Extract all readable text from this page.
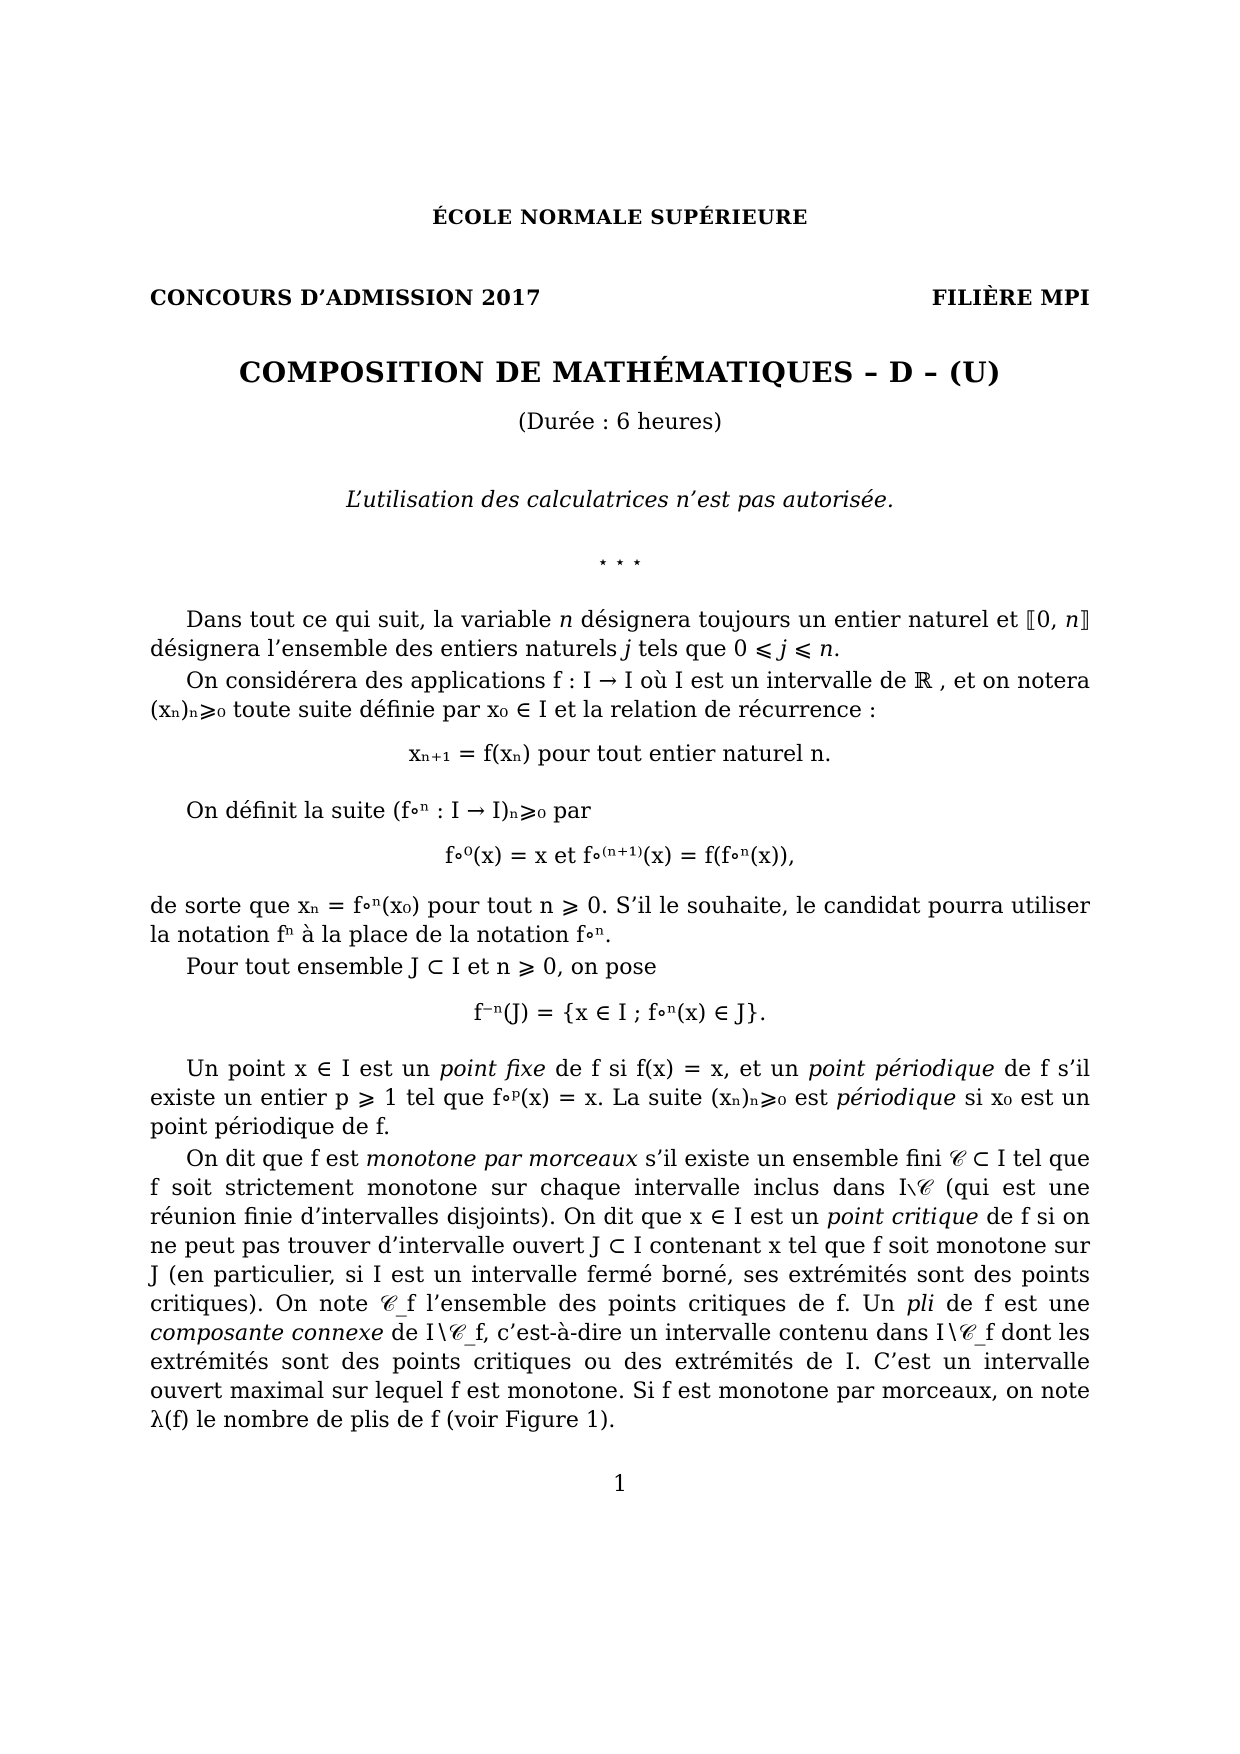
ÉCOLE NORMALE SUPÉRIEURE
CONCOURS D’ADMISSION 2017	FILIÈRE MPI
COMPOSITION DE MATHÉMATIQUES – D – (U)
(Durée : 6 heures)
L’utilisation des calculatrices n’est pas autorisée.
⋆ ⋆ ⋆
Dans tout ce qui suit, la variable n désignera toujours un entier naturel et ⟦0, n⟧ désignera l’ensemble des entiers naturels j tels que 0 ⩽ j ⩽ n.
On considérera des applications f : I → I où I est un intervalle de ℝ , et on notera (xₙ)ₙ⩾₀ toute suite définie par x₀ ∈ I et la relation de récurrence :
xₙ₊₁ = f(xₙ) pour tout entier naturel n.
On définit la suite (f∘ⁿ : I → I)ₙ⩾₀ par
f∘⁰(x) = x et f∘⁽ⁿ⁺¹⁾(x) = f(f∘ⁿ(x)),
de sorte que xₙ = f∘ⁿ(x₀) pour tout n ⩾ 0. S’il le souhaite, le candidat pourra utiliser la notation fⁿ à la place de la notation f∘ⁿ.
Pour tout ensemble J ⊂ I et n ⩾ 0, on pose
f⁻ⁿ(J) = {x ∈ I ; f∘ⁿ(x) ∈ J}.
Un point x ∈ I est un point fixe de f si f(x) = x, et un point périodique de f s’il existe un entier p ⩾ 1 tel que f∘ᵖ(x) = x. La suite (xₙ)ₙ⩾₀ est périodique si x₀ est un point périodique de f.
On dit que f est monotone par morceaux s’il existe un ensemble fini 𝒞 ⊂ I tel que f soit strictement monotone sur chaque intervalle inclus dans I∖𝒞 (qui est une réunion finie d’intervalles disjoints). On dit que x ∈ I est un point critique de f si on ne peut pas trouver d’intervalle ouvert J ⊂ I contenant x tel que f soit monotone sur J (en particulier, si I est un intervalle fermé borné, ses extrémités sont des points critiques). On note 𝒞_f l’ensemble des points critiques de f. Un pli de f est une composante connexe de I∖𝒞_f, c’est-à-dire un intervalle contenu dans I∖𝒞_f dont les extrémités sont des points critiques ou des extrémités de I. C’est un intervalle ouvert maximal sur lequel f est monotone. Si f est monotone par morceaux, on note λ(f) le nombre de plis de f (voir Figure 1).
1
